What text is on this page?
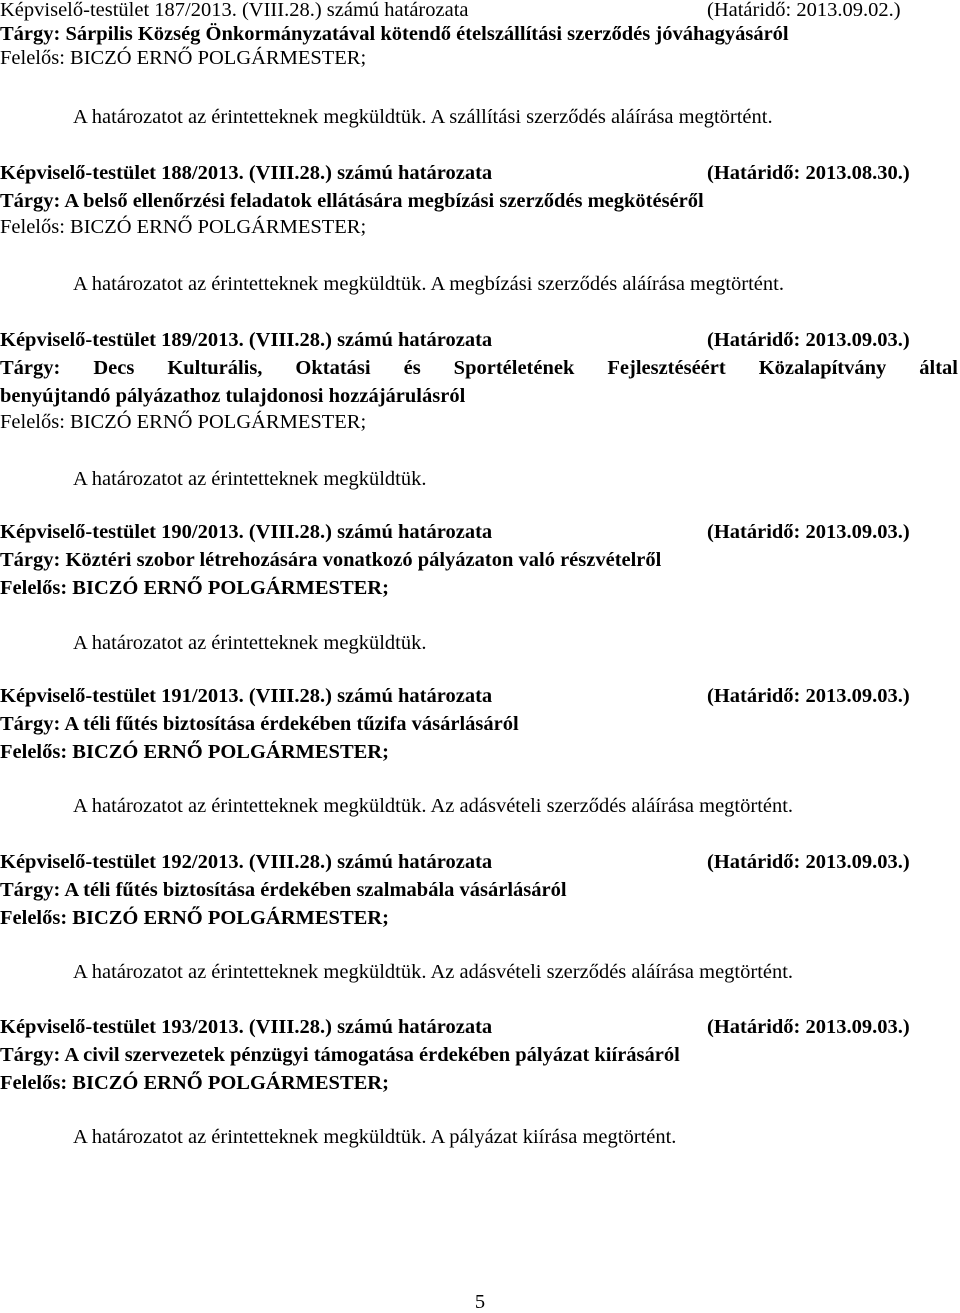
Képviselő-testület 187/2013. (VIII.28.) számú határozata	(Határidő: 2013.09.02.)
Tárgy: Sárpilis Község Önkormányzatával kötendő ételszállítási szerződés jóváhagyásáról
Felelős: BICZÓ ERNŐ POLGÁRMESTER;
A határozatot az érintetteknek megküldtük. A szállítási szerződés aláírása megtörtént.
Képviselő-testület 188/2013. (VIII.28.) számú határozata	(Határidő: 2013.08.30.)
Tárgy: A belső ellenőrzési feladatok ellátására megbízási szerződés megkötéséről
Felelős: BICZÓ ERNŐ POLGÁRMESTER;
A határozatot az érintetteknek megküldtük. A megbízási szerződés aláírása megtörtént.
Képviselő-testület 189/2013. (VIII.28.) számú határozata	(Határidő: 2013.09.03.)
Tárgy: Decs Kulturális, Oktatási és Sportéletének Fejlesztéséért Közalapítvány által
benyújtandó pályázathoz tulajdonosi hozzájárulásról
Felelős: BICZÓ ERNŐ POLGÁRMESTER;
A határozatot az érintetteknek megküldtük.
Képviselő-testület 190/2013. (VIII.28.) számú határozata	(Határidő: 2013.09.03.)
Tárgy: Köztéri szobor létrehozására vonatkozó pályázaton való részvételről
Felelős: BICZÓ ERNŐ POLGÁRMESTER;
A határozatot az érintetteknek megküldtük.
Képviselő-testület 191/2013. (VIII.28.) számú határozata	(Határidő: 2013.09.03.)
Tárgy: A téli fűtés biztosítása érdekében tűzifa vásárlásáról
Felelős: BICZÓ ERNŐ POLGÁRMESTER;
A határozatot az érintetteknek megküldtük. Az adásvételi szerződés aláírása megtörtént.
Képviselő-testület 192/2013. (VIII.28.) számú határozata	(Határidő: 2013.09.03.)
Tárgy: A téli fűtés biztosítása érdekében szalmabála vásárlásáról
Felelős: BICZÓ ERNŐ POLGÁRMESTER;
A határozatot az érintetteknek megküldtük. Az adásvételi szerződés aláírása megtörtént.
Képviselő-testület 193/2013. (VIII.28.) számú határozata	(Határidő: 2013.09.03.)
Tárgy: A civil szervezetek pénzügyi támogatása érdekében pályázat kiírásáról
Felelős: BICZÓ ERNŐ POLGÁRMESTER;
A határozatot az érintetteknek megküldtük. A pályázat kiírása megtörtént.
5
